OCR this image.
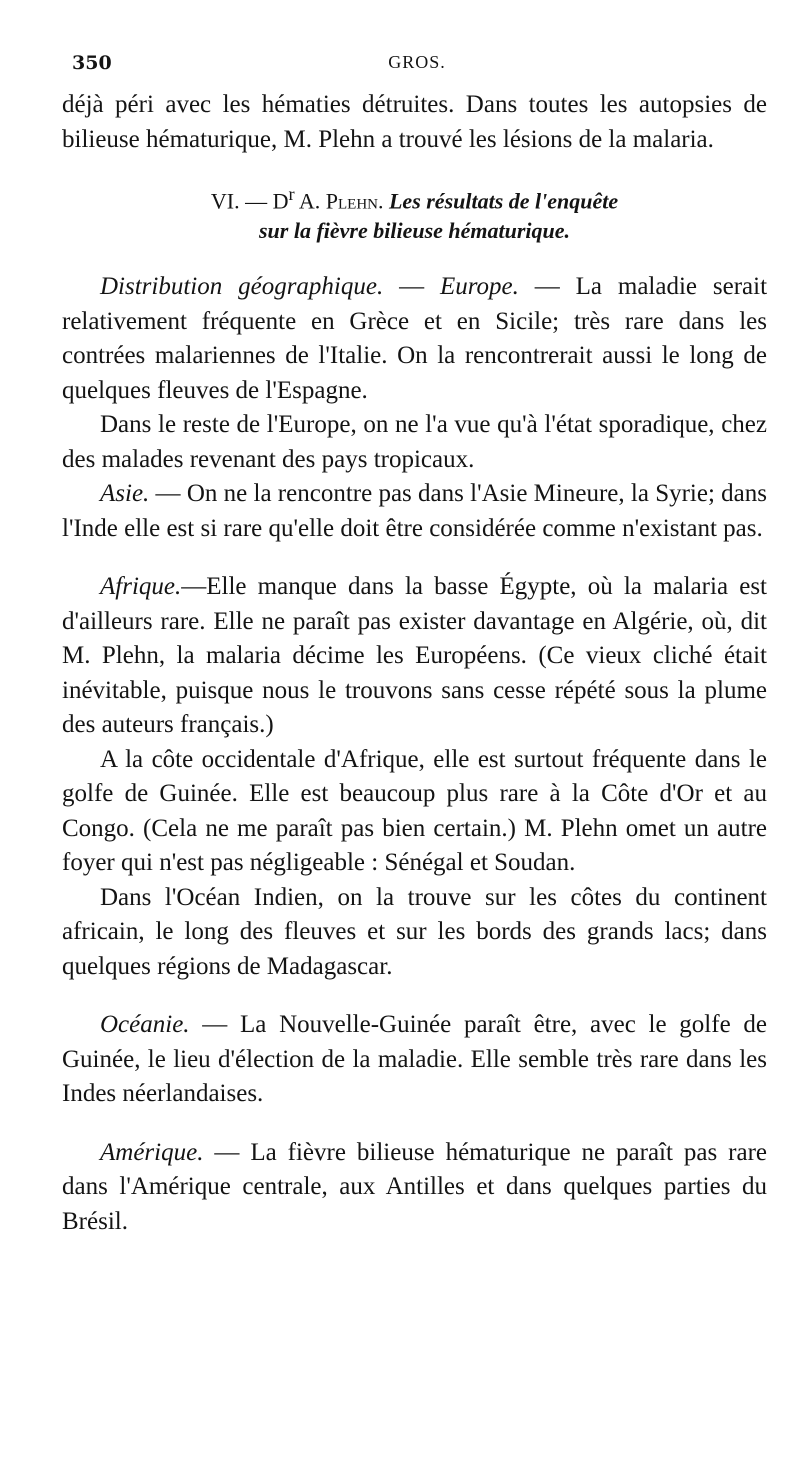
350	GROS.

déjà péri avec les hématies détruites. Dans toutes les autopsies de bilieuse hématurique, M. Plehn a trouvé les lésions de la malaria.

VI. — $D^r$ A. Plehn. Les résultats de l'enquête
sur la fièvre bilieuse hématurique.

Distribution géographique. — Europe. — La maladie serait relativement fréquente en Grèce et en Sicile; très rare dans les contrées malariennes de l'Italie. On la rencontrerait aussi le long de quelques fleuves de l'Espagne.

Dans le reste de l'Europe, on ne l'a vue qu'à l'état sporadique, chez des malades revenant des pays tropicaux.

Asie. — On ne la rencontre pas dans l'Asie Mineure, la Syrie; dans l'Inde elle est si rare qu'elle doit être considérée comme n'existant pas.

Afrique.—Elle manque dans la basse Égypte, où la malaria est d'ailleurs rare. Elle ne paraît pas exister davantage en Algérie, où, dit M. Plehn, la malaria décime les Européens. (Ce vieux cliché était inévitable, puisque nous le trouvons sans cesse répété sous la plume des auteurs français.)

A la côte occidentale d'Afrique, elle est surtout fréquente dans le golfe de Guinée. Elle est beaucoup plus rare à la Côte d'Or et au Congo. (Cela ne me paraît pas bien certain.) M. Plehn omet un autre foyer qui n'est pas négligeable : Sénégal et Soudan.

Dans l'Océan Indien, on la trouve sur les côtes du continent africain, le long des fleuves et sur les bords des grands lacs; dans quelques régions de Madagascar.

Océanie. — La Nouvelle-Guinée paraît être, avec le golfe de Guinée, le lieu d'élection de la maladie. Elle semble très rare dans les Indes néerlandaises.

Amérique. — La fièvre bilieuse hématurique ne paraît pas rare dans l'Amérique centrale, aux Antilles et dans quelques parties du Brésil.
